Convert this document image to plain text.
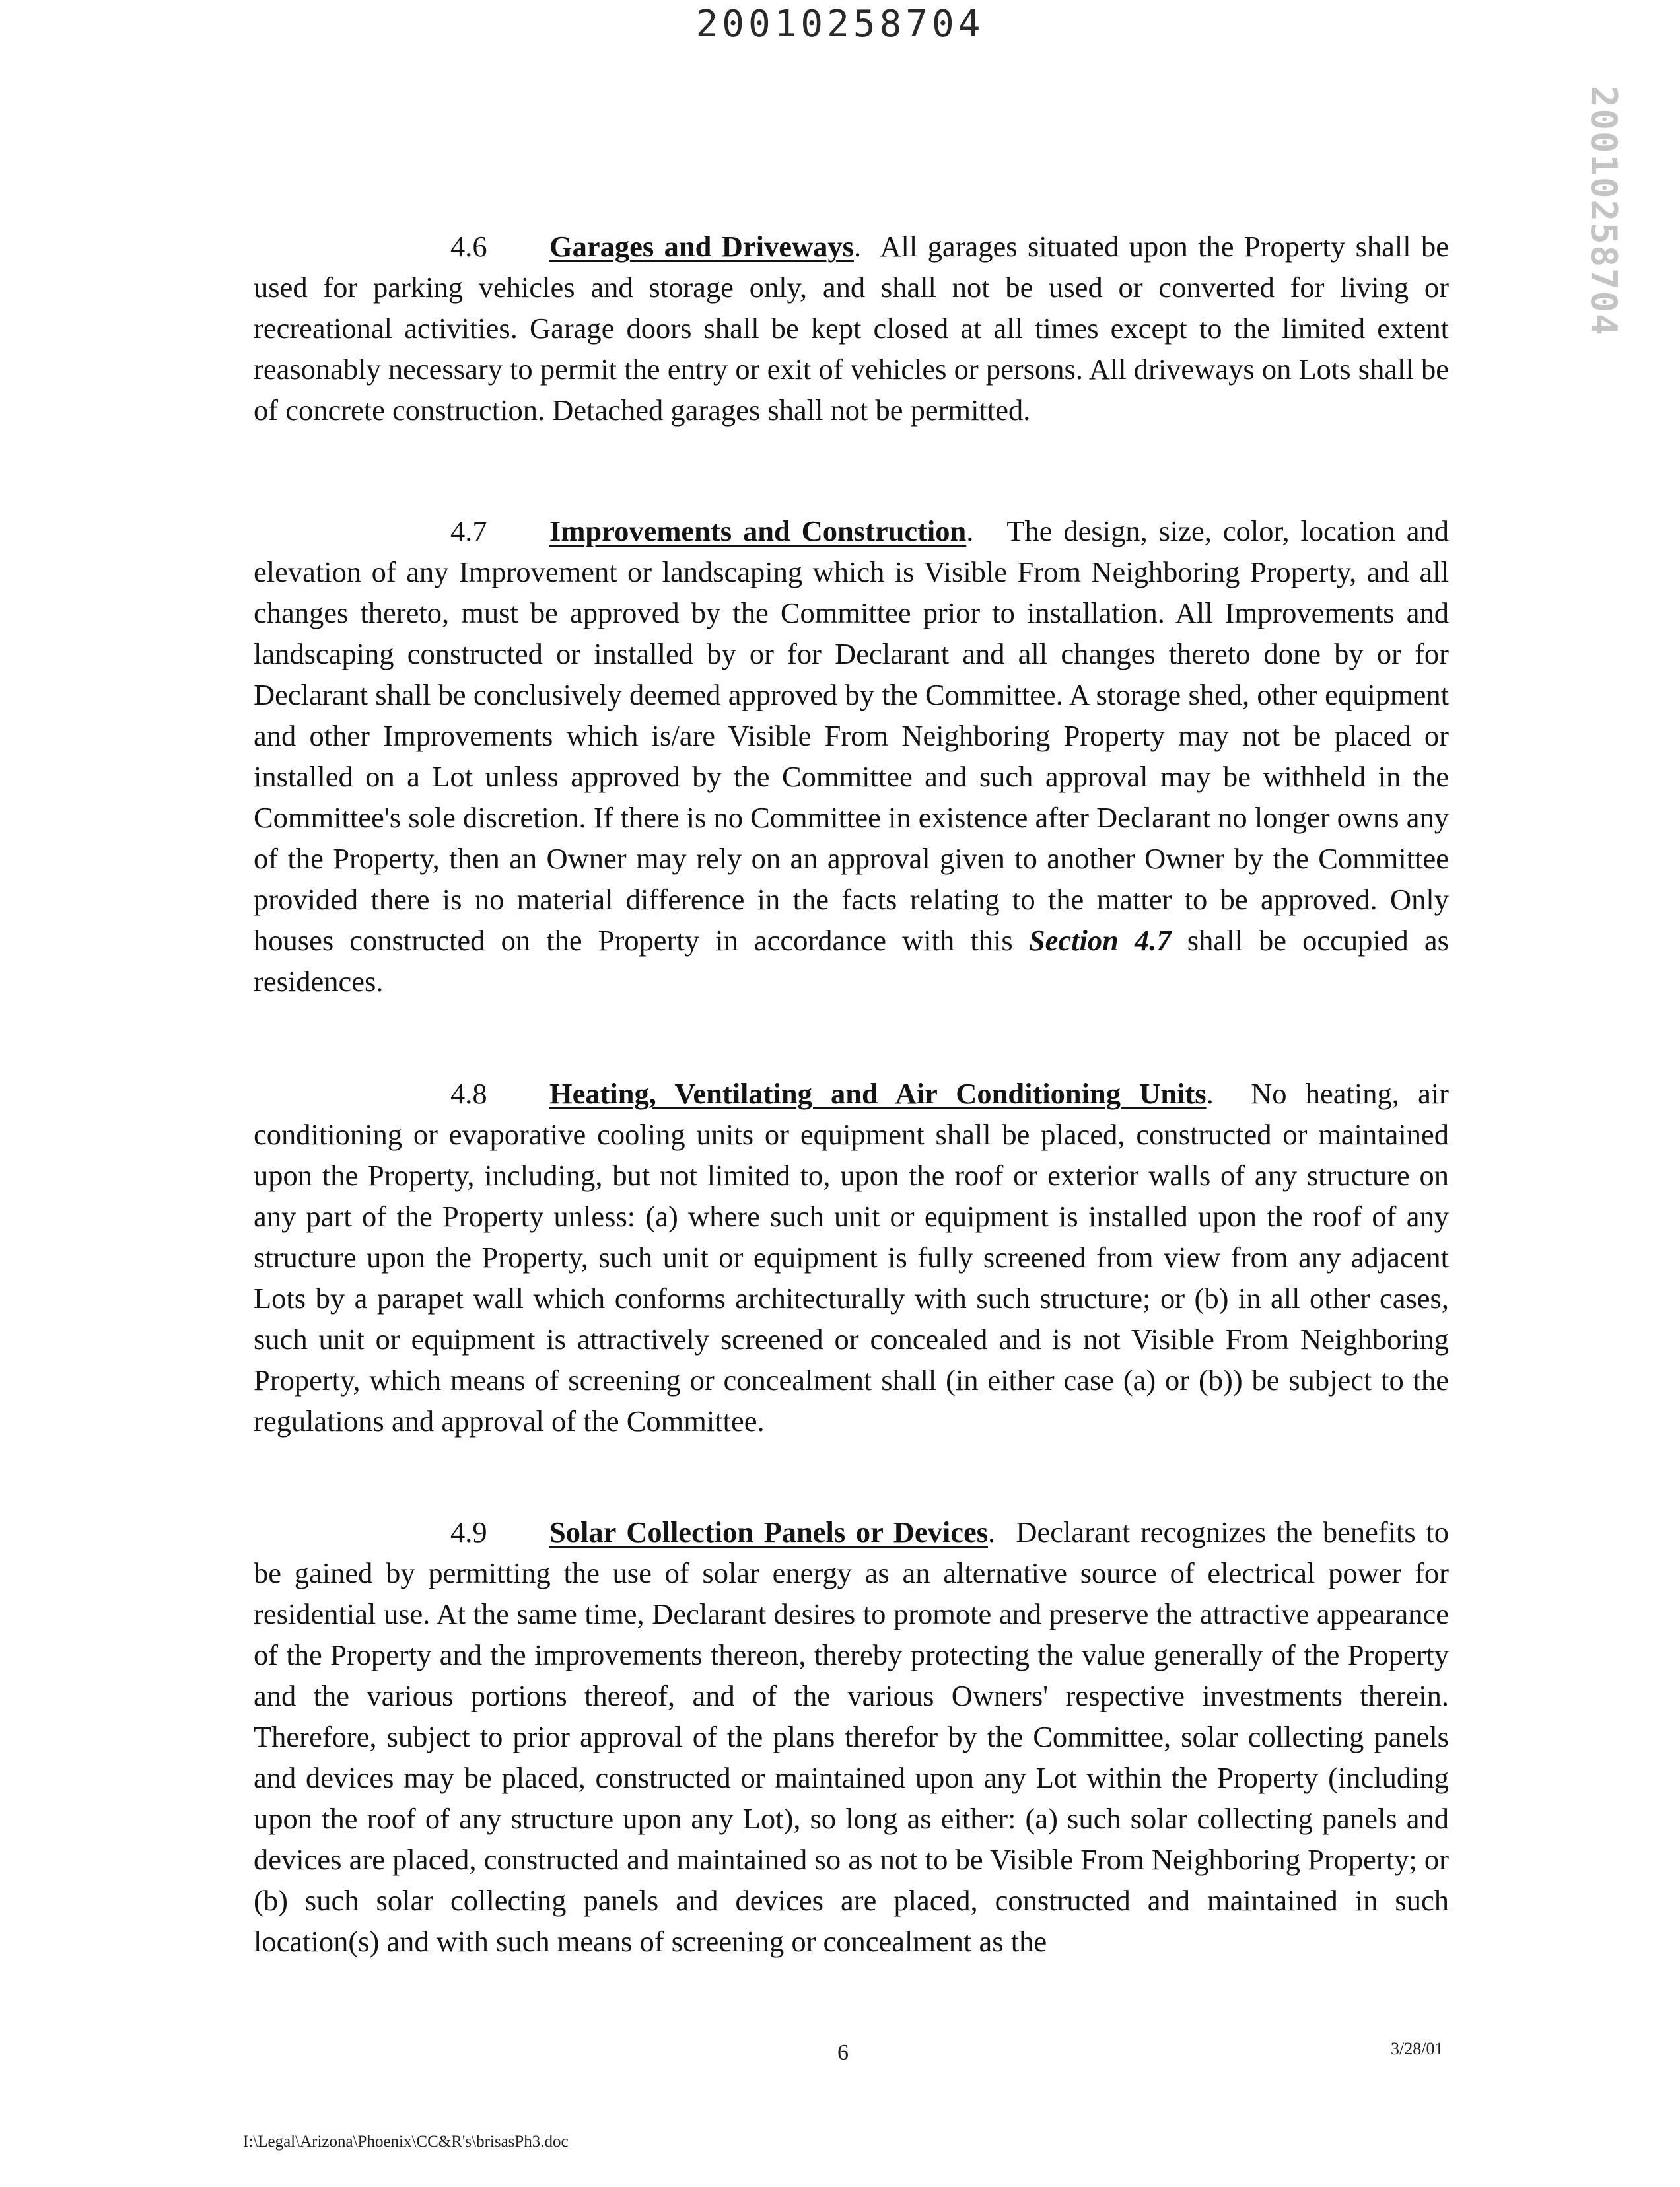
20010258704
20010258704

4.6 Garages and Driveways.  All garages situated upon the Property shall be used for parking vehicles and storage only, and shall not be used or converted for living or recreational activities. Garage doors shall be kept closed at all times except to the limited extent reasonably necessary to permit the entry or exit of vehicles or persons. All driveways on Lots shall be of concrete construction. Detached garages shall not be permitted.

4.7 Improvements and Construction.   The design, size, color, location and elevation of any Improvement or landscaping which is Visible From Neighboring Property, and all changes thereto, must be approved by the Committee prior to installation. All Improvements and landscaping constructed or installed by or for Declarant and all changes thereto done by or for Declarant shall be conclusively deemed approved by the Committee. A storage shed, other equipment and other Improvements which is/are Visible From Neighboring Property may not be placed or installed on a Lot unless approved by the Committee and such approval may be withheld in the Committee's sole discretion. If there is no Committee in existence after Declarant no longer owns any of the Property, then an Owner may rely on an approval given to another Owner by the Committee provided there is no material difference in the facts relating to the matter to be approved. Only houses constructed on the Property in accordance with this Section 4.7 shall be occupied as residences.

4.8 Heating, Ventilating and Air Conditioning Units.  No heating, air conditioning or evaporative cooling units or equipment shall be placed, constructed or maintained upon the Property, including, but not limited to, upon the roof or exterior walls of any structure on any part of the Property unless: (a) where such unit or equipment is installed upon the roof of any structure upon the Property, such unit or equipment is fully screened from view from any adjacent Lots by a parapet wall which conforms architecturally with such structure; or (b) in all other cases, such unit or equipment is attractively screened or concealed and is not Visible From Neighboring Property, which means of screening or concealment shall (in either case (a) or (b)) be subject to the regulations and approval of the Committee.

4.9 Solar Collection Panels or Devices.  Declarant recognizes the benefits to be gained by permitting the use of solar energy as an alternative source of electrical power for residential use. At the same time, Declarant desires to promote and preserve the attractive appearance of the Property and the improvements thereon, thereby protecting the value generally of the Property and the various portions thereof, and of the various Owners' respective investments therein. Therefore, subject to prior approval of the plans therefor by the Committee, solar collecting panels and devices may be placed, constructed or maintained upon any Lot within the Property (including upon the roof of any structure upon any Lot), so long as either: (a) such solar collecting panels and devices are placed, constructed and maintained so as not to be Visible From Neighboring Property; or (b) such solar collecting panels and devices are placed, constructed and maintained in such location(s) and with such means of screening or concealment as the

6	3/28/01
I:\Legal\Arizona\Phoenix\CC&R's\brisasPh3.doc
